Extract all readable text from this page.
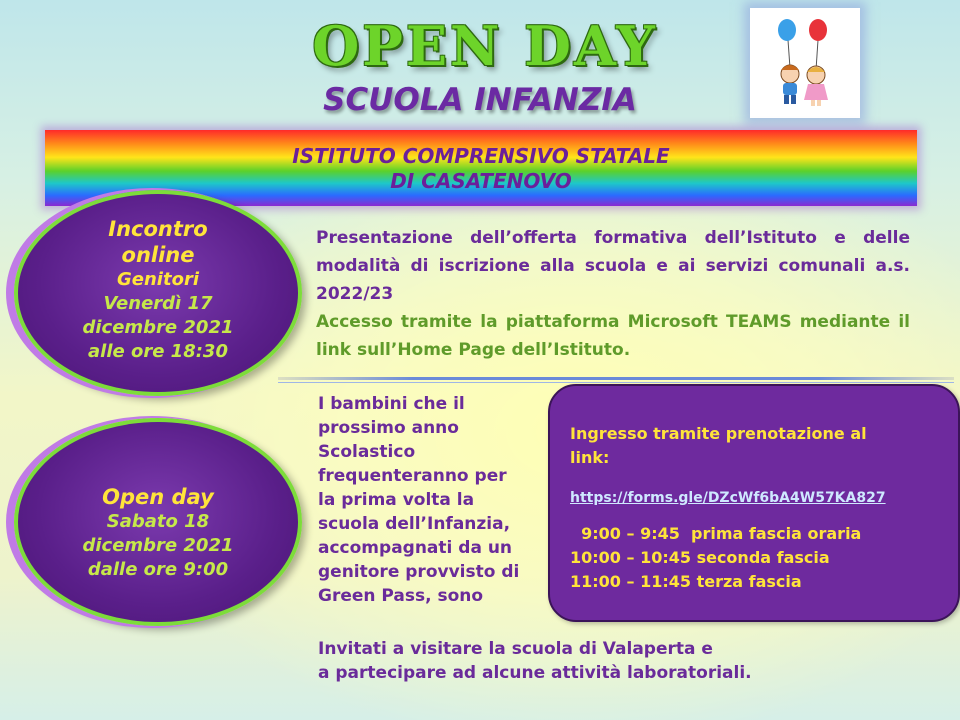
OPEN DAY
SCUOLA INFANZIA
ISTITUTO COMPRENSIVO STATALE
DI CASATENOVO
Incontro
online
Genitori
Venerdì 17
dicembre 2021
alle ore 18:30
Open day
Sabato 18
dicembre 2021
dalle ore 9:00
Presentazione dell’offerta formativa dell’Istituto e delle modalità di iscrizione alla scuola e ai servizi comunali a.s. 2022/23
Accesso tramite la piattaforma Microsoft TEAMS mediante il link sull’Home Page dell’Istituto.
I bambini che il
prossimo anno
Scolastico
frequenteranno per
la prima volta la
scuola dell’Infanzia,
accompagnati da un
genitore provvisto di
Green Pass, sono
Invitati a visitare la scuola di Valaperta e
a partecipare ad alcune attività laboratoriali.
Ingresso tramite prenotazione al link:
https://forms.gle/DZcWf6bA4W57KA827
9:00 – 9:45  prima fascia oraria
10:00 – 10:45 seconda fascia
11:00 – 11:45 terza fascia
